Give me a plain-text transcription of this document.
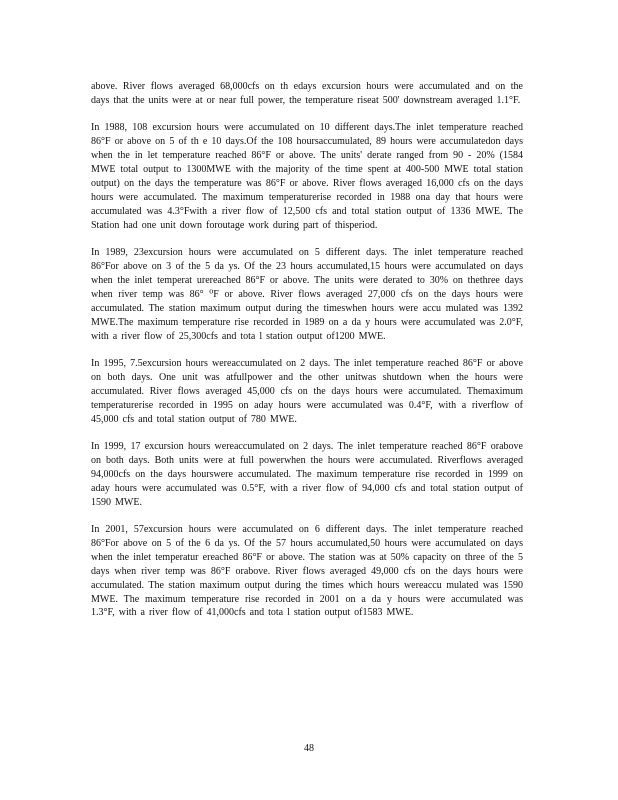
above. River flows averaged 68,000cfs on th edays excursion hours were accumulated and on the days that the units were at or near full power, the temperature riseat 500' downstream averaged 1.1°F.

In 1988, 108 excursion hours were accumulated on 10 different days.The inlet temperature reached 86°F or above on 5 of th e 10 days.Of the 108 hoursaccumulated, 89 hours were accumulatedon days when the in let temperature reached 86°F or above. The units' derate ranged from 90 - 20% (1584 MWE total output to 1300MWE with the majority of the time spent at 400-500 MWE total station output) on the days the temperature was 86°F or above. River flows averaged 16,000 cfs on the days hours were accumulated. The maximum temperaturerise recorded in 1988 ona day that hours were accumulated was 4.3°Fwith a river flow of 12,500 cfs and total station output of 1336 MWE. The Station had one unit down foroutage work during part of thisperiod.

In 1989, 23excursion hours were accumulated on 5 different days. The inlet temperature reached 86°For above on 3 of the 5 da ys. Of the 23 hours accumulated,15 hours were accumulated on days when the inlet temperat urereached 86°F or above. The units were derated to 30% on thethree days when river temp was 86° ⁰F or above. River flows averaged 27,000 cfs on the days hours were accumulated. The station maximum output during the timeswhen hours were accu mulated was 1392 MWE.The maximum temperature rise recorded in 1989 on a da y hours were accumulated was 2.0°F, with a river flow of 25,300cfs and tota l station output of1200 MWE.

In 1995, 7.5excursion hours wereaccumulated on 2 days. The inlet temperature reached 86°F or above on both days. One unit was atfullpower and the other unitwas shutdown when the hours were accumulated. River flows averaged 45,000 cfs on the days hours were accumulated. Themaximum temperaturerise recorded in 1995 on aday hours were accumulated was 0.4°F, with a riverflow of 45,000 cfs and total station output of 780 MWE.

In 1999, 17 excursion hours wereaccumulated on 2 days. The inlet temperature reached 86°F orabove on both days. Both units were at full powerwhen the hours were accumulated. Riverflows averaged 94,000cfs on the days hourswere accumulated. The maximum temperature rise recorded in 1999 on aday hours were accumulated was 0.5°F, with a river flow of 94,000 cfs and total station output of 1590 MWE.

In 2001, 57excursion hours were accumulated on 6 different days. The inlet temperature reached 86°For above on 5 of the 6 da ys. Of the 57 hours accumulated,50 hours were accumulated on days when the inlet temperatur ereached 86°F or above. The station was at 50% capacity on three of the 5 days when river temp was 86°F orabove. River flows averaged 49,000 cfs on the days hours were accumulated. The station maximum output during the times which hours wereaccu mulated was 1590 MWE. The maximum temperature rise recorded in 2001 on a da y hours were accumulated was 1.3°F, with a river flow of 41,000cfs and tota l station output of1583 MWE.

48
